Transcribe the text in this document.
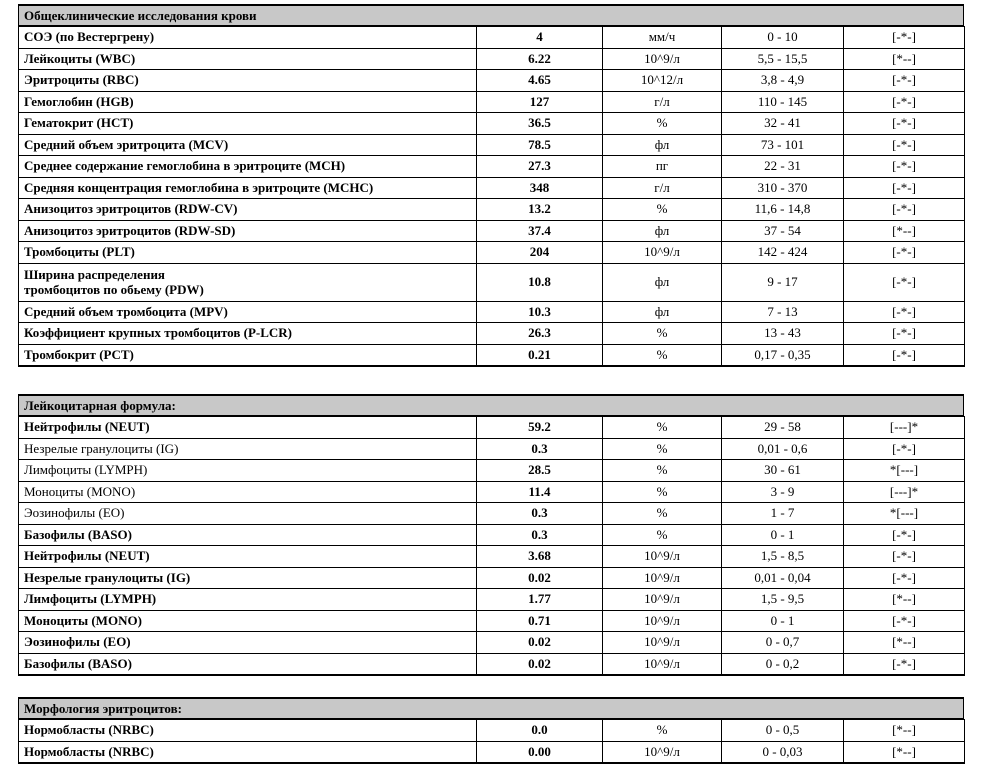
Общеклинические исследования крови
СОЭ (по Вестергрену)	4	мм/ч	0 - 10	[-*-]
Лейкоциты (WBC)	6.22	10^9/л	5,5 - 15,5	[*--]
Эритроциты (RBC)	4.65	10^12/л	3,8 - 4,9	[-*-]
Гемоглобин (HGB)	127	г/л	110 - 145	[-*-]
Гематокрит (HCT)	36.5	%	32 - 41	[-*-]
Средний объем эритроцита (MCV)	78.5	фл	73 - 101	[-*-]
Среднее содержание гемоглобина в эритроците (MCH)	27.3	пг	22 - 31	[-*-]
Средняя концентрация гемоглобина в эритроците (MCHC)	348	г/л	310 - 370	[-*-]
Анизоцитоз эритроцитов (RDW-CV)	13.2	%	11,6 - 14,8	[-*-]
Анизоцитоз эритроцитов (RDW-SD)	37.4	фл	37 - 54	[*--]
Тромбоциты (PLT)	204	10^9/л	142 - 424	[-*-]
Ширина распределения
тромбоцитов по обьему (PDW)	10.8	фл	9 - 17	[-*-]
Средний объем тромбоцита (MPV)	10.3	фл	7 - 13	[-*-]
Коэффициент крупных тромбоцитов (P-LCR)	26.3	%	13 - 43	[-*-]
Тромбокрит (PCT)	0.21	%	0,17 - 0,35	[-*-]
Лейкоцитарная формула:
Нейтрофилы (NEUT)	59.2	%	29 - 58	[---]*
Незрелые гранулоциты (IG)	0.3	%	0,01 - 0,6	[-*-]
Лимфоциты (LYMPH)	28.5	%	30 - 61	*[---]
Моноциты (MONO)	11.4	%	3 - 9	[---]*
Эозинофилы (EO)	0.3	%	1 - 7	*[---]
Базофилы (BASO)	0.3	%	0 - 1	[-*-]
Нейтрофилы (NEUT)	3.68	10^9/л	1,5 - 8,5	[-*-]
Незрелые гранулоциты (IG)	0.02	10^9/л	0,01 - 0,04	[-*-]
Лимфоциты (LYMPH)	1.77	10^9/л	1,5 - 9,5	[*--]
Моноциты (MONO)	0.71	10^9/л	0 - 1	[-*-]
Эозинофилы (EO)	0.02	10^9/л	0 - 0,7	[*--]
Базофилы (BASO)	0.02	10^9/л	0 - 0,2	[-*-]
Морфология эритроцитов:
Нормобласты (NRBC)	0.0	%	0 - 0,5	[*--]
Нормобласты (NRBC)	0.00	10^9/л	0 - 0,03	[*--]
